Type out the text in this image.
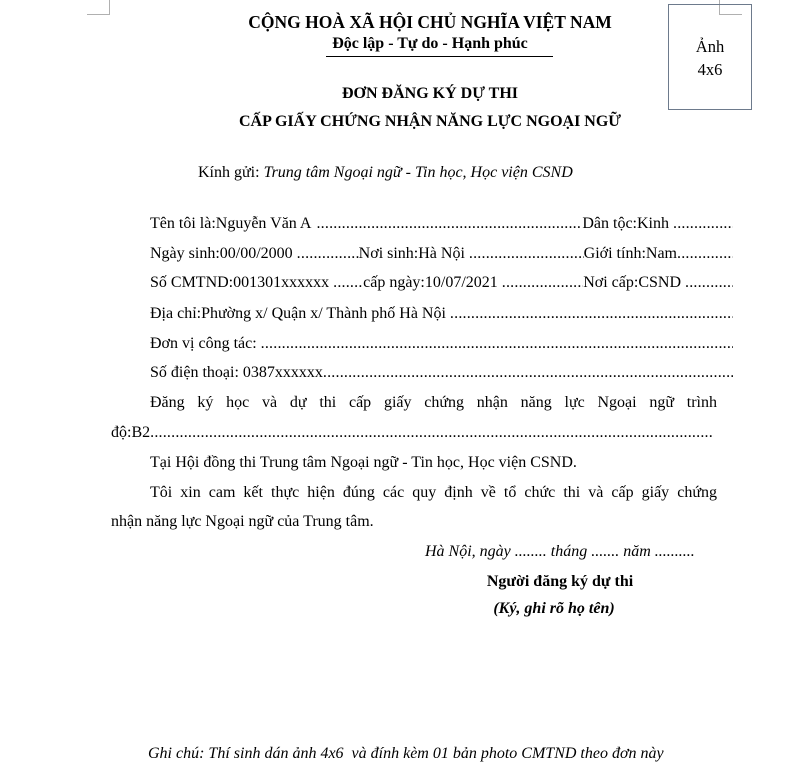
CỘNG HOÀ XÃ HỘI CHỦ NGHĨA VIỆT NAM
Độc lập - Tự do - Hạnh phúc	Ảnh
4x6
ĐƠN ĐĂNG KÝ DỰ THI
CẤP GIẤY CHỨNG NHẬN NĂNG LỰC NGOẠI NGỮ
Kính gửi: Trung tâm Ngoại ngữ - Tin học, Học viện CSND
Tên tôi là: Nguyễn Văn A .....	Dân tộc: Kinh
.....
Ngày sinh: 00/00/2000 .....	Nơi sinh: Hà Nội .....	Giới tính: Nam
.....
Số CMTND: 001301xxxxxx ..... cấp ngày: 10/07/2021 .....	Nơi cấp: CSND
.....
Địa chỉ: Phường x/ Quận x/ Thành phố Hà Nội
.....
Đơn vị công tác:
.....
Số điện thoại: 0387xxxxxx
.....
Đăng ký học và dự thi cấp giấy chứng nhận năng lực Ngoại ngữ trình
độ: B2
.....
Tại Hội đồng thi Trung tâm Ngoại ngữ - Tin học, Học viện CSND.
Tôi xin cam kết thực hiện đúng các quy định về tổ chức thi và cấp giấy chứng
nhận năng lực Ngoại ngữ của Trung tâm.
Hà Nội, ngày ........ tháng ....... năm ..........
Người đăng ký dự thi
(Ký, ghi rõ họ tên)
Ghi chú: Thí sinh dán ảnh 4x6  và đính kèm 01 bản photo CMTND theo đơn này
